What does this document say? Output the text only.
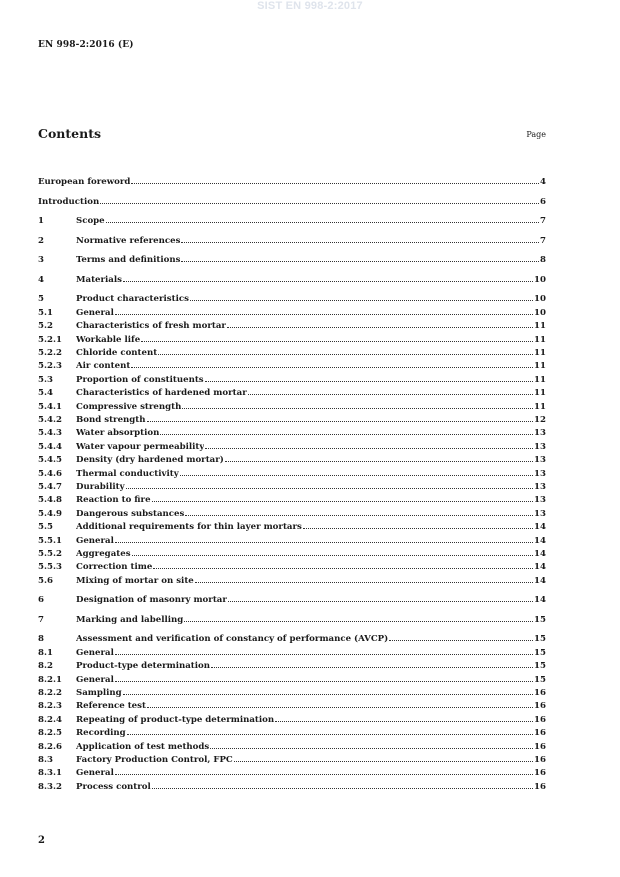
SIST EN 998-2:2017
EN 998-2:2016 (E)
Contents	Page
European foreword	4
Introduction	6
1	Scope	7
2	Normative references	7
3	Terms and definitions	8
4	Materials	10
5	Product characteristics	10
5.1	General	10
5.2	Characteristics of fresh mortar	11
5.2.1	Workable life	11
5.2.2	Chloride content	11
5.2.3	Air content	11
5.3	Proportion of constituents	11
5.4	Characteristics of hardened mortar	11
5.4.1	Compressive strength	11
5.4.2	Bond strength	12
5.4.3	Water absorption	13
5.4.4	Water vapour permeability	13
5.4.5	Density (dry hardened mortar)	13
5.4.6	Thermal conductivity	13
5.4.7	Durability	13
5.4.8	Reaction to fire	13
5.4.9	Dangerous substances	13
5.5	Additional requirements for thin layer mortars	14
5.5.1	General	14
5.5.2	Aggregates	14
5.5.3	Correction time	14
5.6	Mixing of mortar on site	14
6	Designation of masonry mortar	14
7	Marking and labelling	15
8	Assessment and verification of constancy of performance (AVCP)	15
8.1	General	15
8.2	Product-type determination	15
8.2.1	General	15
8.2.2	Sampling	16
8.2.3	Reference test	16
8.2.4	Repeating of product-type determination	16
8.2.5	Recording	16
8.2.6	Application of test methods	16
8.3	Factory Production Control, FPC	16
8.3.1	General	16
8.3.2	Process control	16
2
